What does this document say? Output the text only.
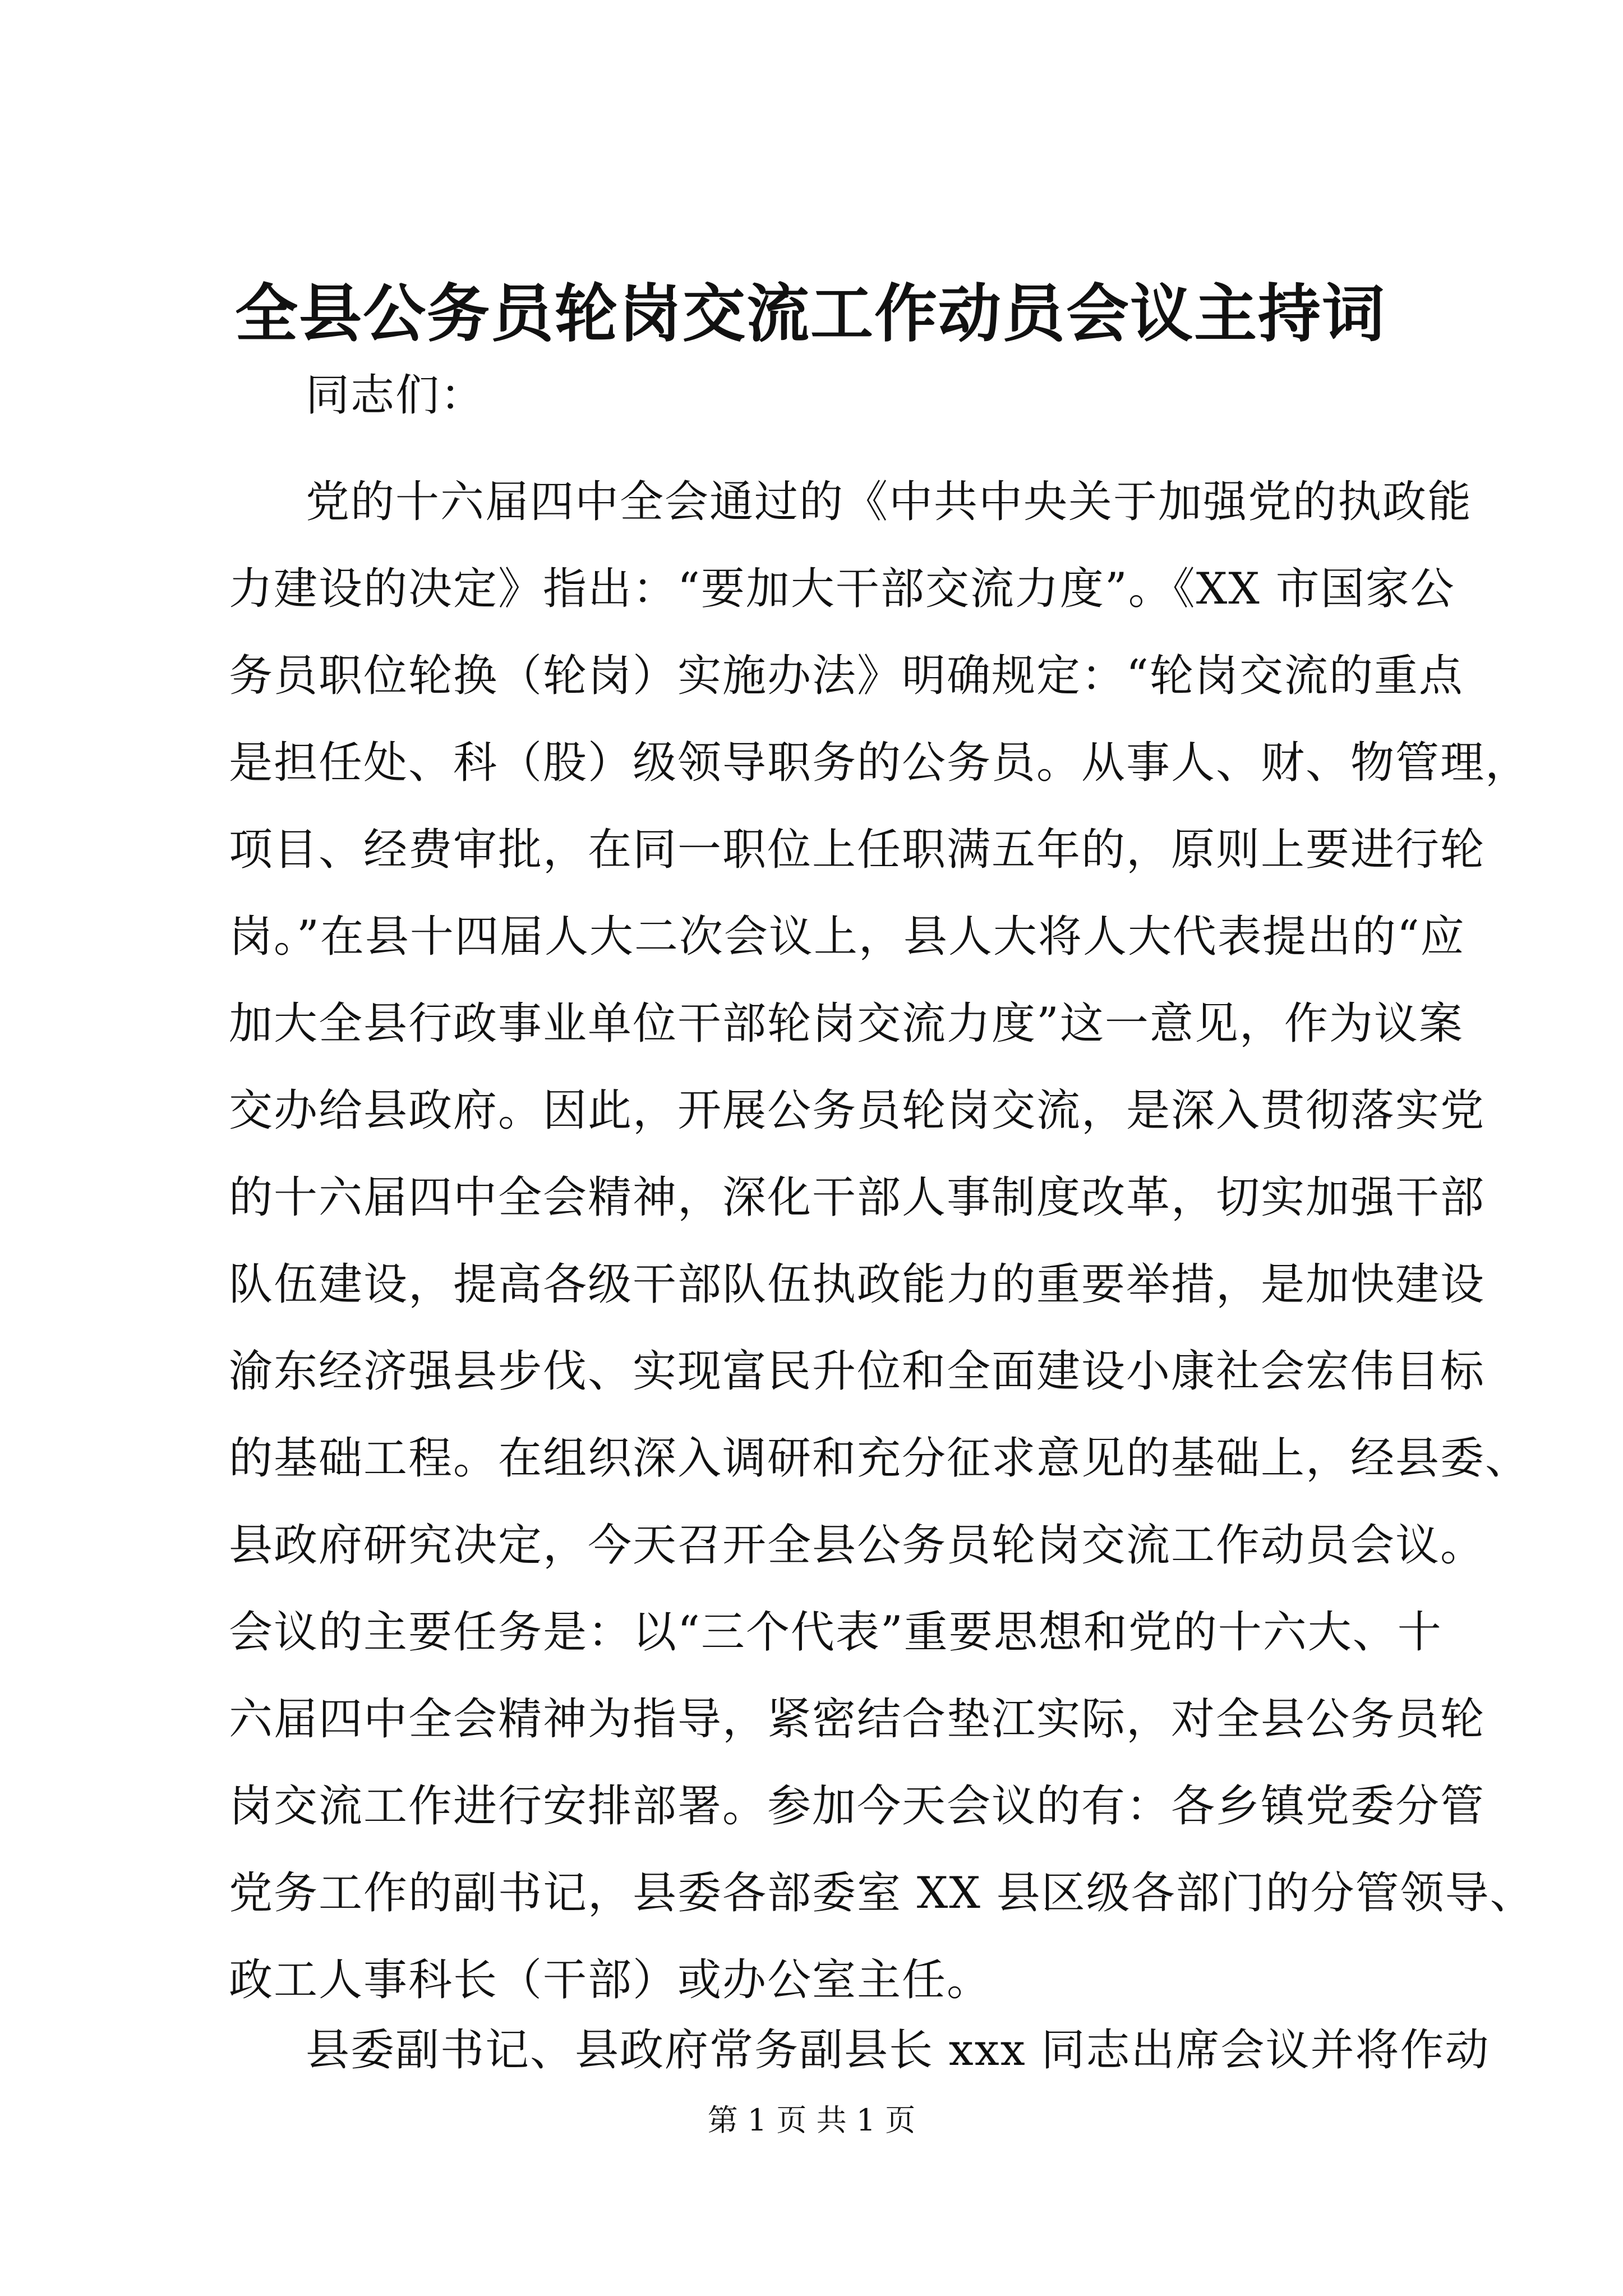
全县公务员轮岗交流工作动员会议主持词
同志们：
党的十六届四中全会通过的《中共中央关于加强党的执政能
力建设的决定》指出：“要加大干部交流力度”。《XX 市国家公
务员职位轮换（轮岗）实施办法》明确规定：“轮岗交流的重点
是担任处、科（股）级领导职务的公务员。从事人、财、物管理，
项目、经费审批，在同一职位上任职满五年的，原则上要进行轮
岗。”在县十四届人大二次会议上，县人大将人大代表提出的“应
加大全县行政事业单位干部轮岗交流力度”这一意见，作为议案
交办给县政府。因此，开展公务员轮岗交流，是深入贯彻落实党
的十六届四中全会精神，深化干部人事制度改革，切实加强干部
队伍建设，提高各级干部队伍执政能力的重要举措，是加快建设
渝东经济强县步伐、实现富民升位和全面建设小康社会宏伟目标
的基础工程。在组织深入调研和充分征求意见的基础上，经县委、
县政府研究决定，今天召开全县公务员轮岗交流工作动员会议。
会议的主要任务是：以“三个代表”重要思想和党的十六大、十
六届四中全会精神为指导，紧密结合垫江实际，对全县公务员轮
岗交流工作进行安排部署。参加今天会议的有：各乡镇党委分管
党务工作的副书记，县委各部委室 XX 县区级各部门的分管领导、
政工人事科长（干部）或办公室主任。
县委副书记、县政府常务副县长 xxx 同志出席会议并将作动
第 1 页 共 1 页
